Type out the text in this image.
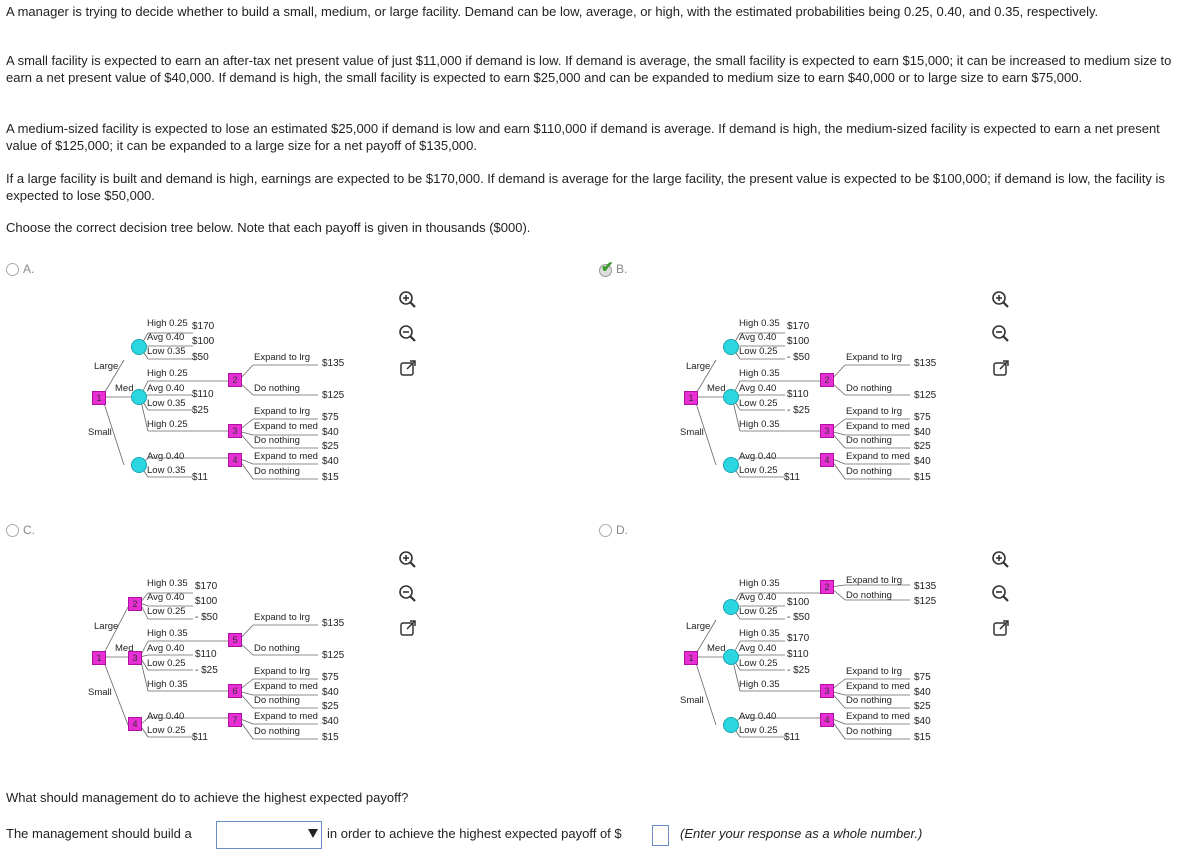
A manager is trying to decide whether to build a small, medium, or large facility. Demand can be low, average, or high, with the estimated probabilities being 0.25, 0.40, and 0.35, respectively.
A small facility is expected to earn an after-tax net present value of just $11,000 if demand is low. If demand is average, the small facility is expected to earn $15,000; it can be increased to medium size to earn a net present value of $40,000. If demand is high, the small facility is expected to earn $25,000 and can be expanded to medium size to earn $40,000 or to large size to earn $75,000.
A medium-sized facility is expected to lose an estimated $25,000 if demand is low and earn $110,000 if demand is average. If demand is high, the medium-sized facility is expected to earn a net present value of $125,000; it can be expanded to a large size for a net payoff of $135,000.
If a large facility is built and demand is high, earnings are expected to be $170,000. If demand is average for the large facility, the present value is expected to be $100,000; if demand is low, the facility is expected to lose $50,000.
Choose the correct decision tree below. Note that each payoff is given in thousands ($000).
A.	✔ B.
C.	D.
1
2
3
4
Large
Med
Small
High 0.25
Avg 0.40
Low 0.35
$170
$100
$50
High 0.25
Avg 0.40
Low 0.35
$110
$25
High 0.25
Avg 0.40
Low 0.35
$11
Expand to lrg
$135
Do nothing
$125
Expand to lrg
$75
Expand to med
$40
Do nothing
$25
Expand to med $40
Do nothing
$15
1
2
3
4
Large
Med
Small
High 0.35
Avg 0.40
Low 0.25
$170
$100
- $50
High 0.35
Avg 0.40
Low 0.25
$110
- $25
High 0.35
Avg 0.40
Low 0.25
$11
Expand to lrg
$135
Do nothing
$125
Expand to lrg
$75
Expand to med
$40
Do nothing
$25
Expand to med $40
Do nothing
$15
1
2
3
4
5
6
7
Large
Med
Small
High 0.35
Avg 0.40
Low 0.25
$170
$100
- $50
High 0.35
Avg 0.40
Low 0.25
$110
- $25
High 0.35
Avg 0.40
Low 0.25
$11
Expand to lrg
$135
Do nothing
$125
Expand to lrg
$75
Expand to med
$40
Do nothing
$25
Expand to med $40
Do nothing
$15
1
2
3
4
Large
Med
Small
High 0.35
Avg 0.40
Low 0.25
$100
- $50
Expand to lrg
$135
Do nothing
$125
High 0.35
Avg 0.40
Low 0.25
$170
$110
- $25
High 0.35
Avg 0.40
Low 0.25
$11
Expand to lrg
$75
Expand to med
$40
Do nothing
$25
Expand to med $40
Do nothing
$15
What should management do to achieve the highest expected payoff?
The management should build a	in order to achieve the highest expected payoff of $	(Enter your response as a whole number.)
